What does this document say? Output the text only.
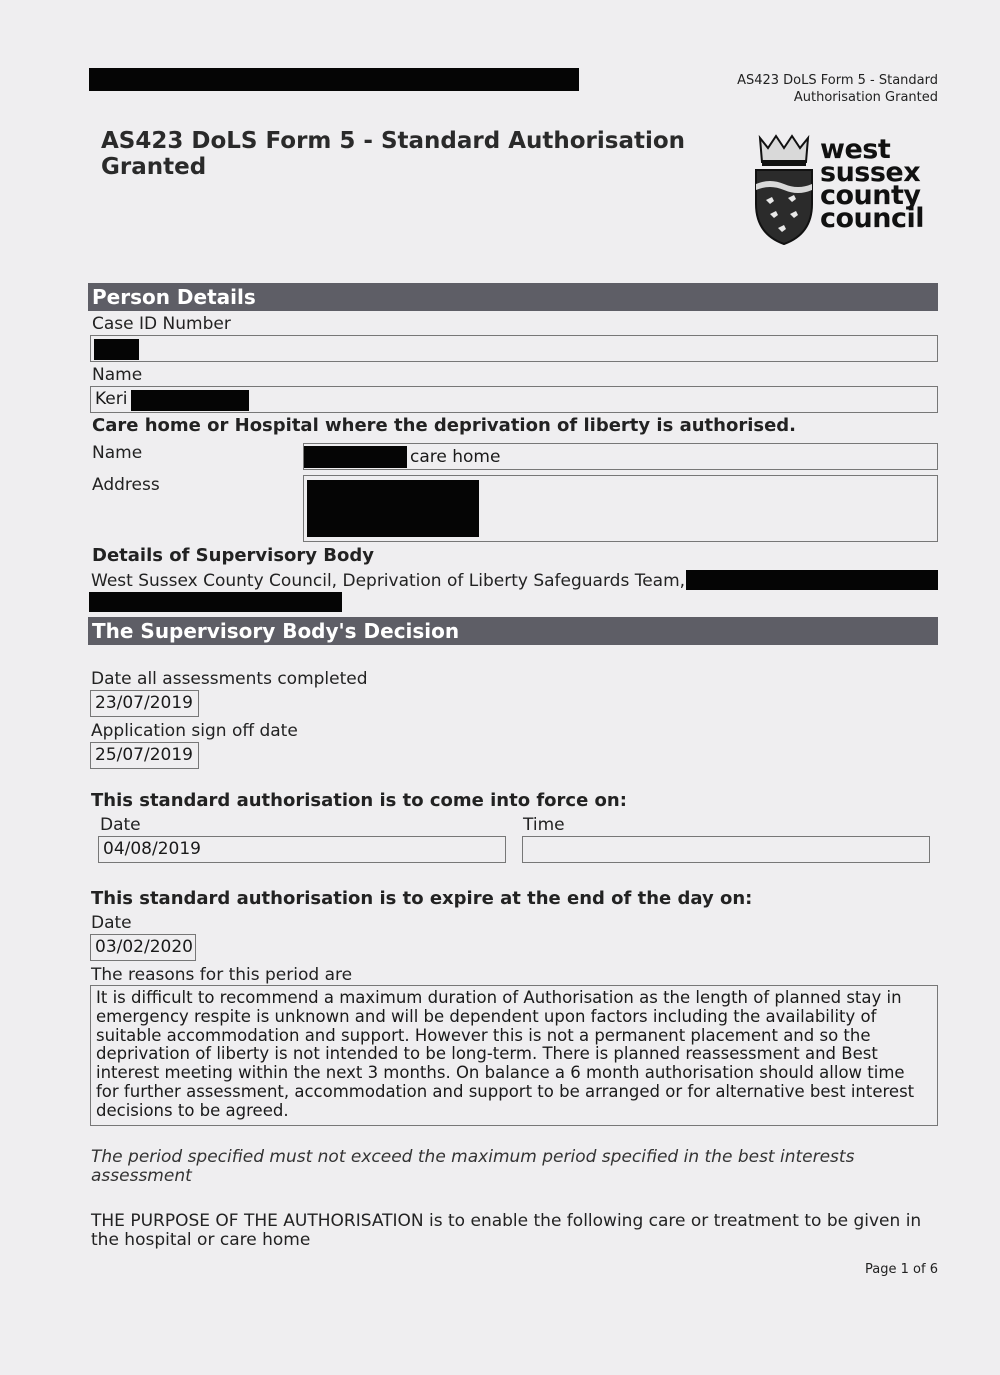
AS423 DoLS Form 5 - Standard
Authorisation Granted
AS423 DoLS Form 5 - Standard Authorisation
Granted
west
sussex
county
council
Person Details
Case ID Number
Name
Keri
Care home or Hospital where the deprivation of liberty is authorised.
Name	care home
Address
Details of Supervisory Body
West Sussex County Council, Deprivation of Liberty Safeguards Team,
The Supervisory Body's Decision
Date all assessments completed
23/07/2019
Application sign off date
25/07/2019
This standard authorisation is to come into force on:
Date
04/08/2019
Time
This standard authorisation is to expire at the end of the day on:
Date
03/02/2020
The reasons for this period are
It is difficult to recommend a maximum duration of Authorisation as the length of planned stay in emergency respite is unknown and will be dependent upon factors including the availability of suitable accommodation and support. However this is not a permanent placement and so the deprivation of liberty is not intended to be long-term. There is planned reassessment and Best interest meeting within the next 3 months. On balance a 6 month authorisation should allow time for further assessment, accommodation and support to be arranged or for alternative best interest decisions to be agreed.
The period specified must not exceed the maximum period specified in the best interests assessment
THE PURPOSE OF THE AUTHORISATION is to enable the following care or treatment to be given in the hospital or care home
Page 1 of 6
